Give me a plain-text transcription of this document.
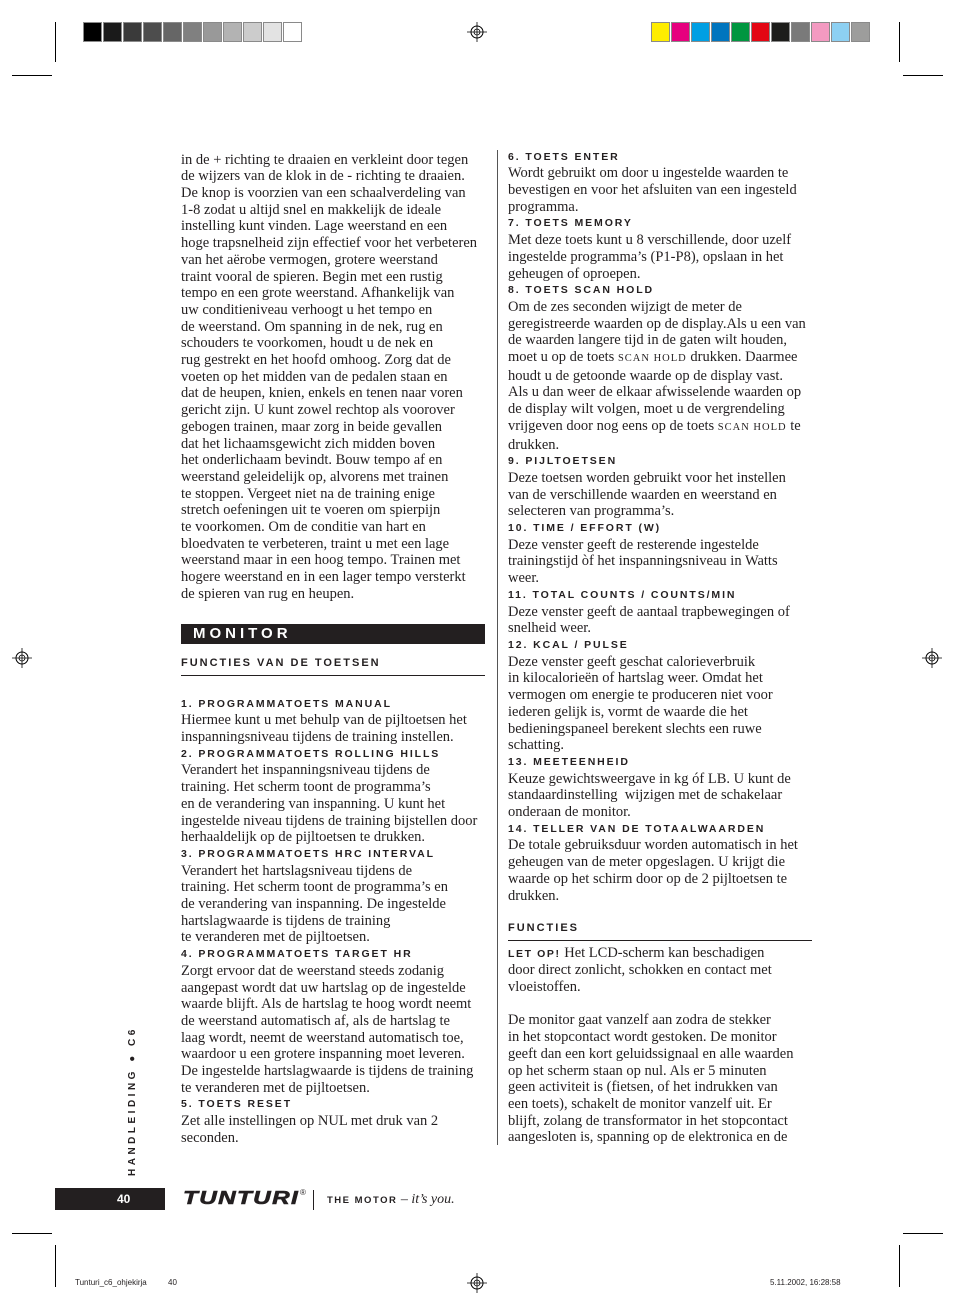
in de + richting te draaien en verkleint door tegen
de wijzers van de klok in de - richting te draaien.
De knop is voorzien van een schaalverdeling van
1-8 zodat u altijd snel en makkelijk de ideale
instelling kunt vinden. Lage weerstand en een
hoge trapsnelheid zijn effectief voor het verbeteren
van het aërobe vermogen, grotere weerstand
traint vooral de spieren. Begin met een rustig
tempo en een grote weerstand. Afhankelijk van
uw conditieniveau verhoogt u het tempo en
de weerstand. Om spanning in de nek, rug en
schouders te voorkomen, houdt u de nek en
rug gestrekt en het hoofd omhoog. Zorg dat de
voeten op het midden van de pedalen staan en
dat de heupen, knien, enkels en tenen naar voren
gericht zijn. U kunt zowel rechtop als voorover
gebogen trainen, maar zorg in beide gevallen
dat het lichaamsgewicht zich midden boven
het onderlichaam bevindt. Bouw tempo af en
weerstand geleidelijk op, alvorens met trainen
te stoppen. Vergeet niet na de training enige
stretch oefeningen uit te voeren om spierpijn
te voorkomen. Om de conditie van hart en
bloedvaten te verbeteren, traint u met een lage
weerstand maar in een hoog tempo. Trainen met
hogere weerstand en in een lager tempo versterkt
de spieren van rug en heupen.
MONITOR
FUNCTIES VAN DE TOETSEN
1. PROGRAMMATOETS MANUAL
Hiermee kunt u met behulp van de pijltoetsen het
inspanningsniveau tijdens de training instellen.
2. PROGRAMMATOETS ROLLING HILLS
Verandert het inspanningsniveau tijdens de
training. Het scherm toont de programma’s
en de verandering van inspanning. U kunt het
ingestelde niveau tijdens de training bijstellen door
herhaaldelijk op de pijltoetsen te drukken.
3. PROGRAMMATOETS HRC INTERVAL
Verandert het hartslagsniveau tijdens de
training. Het scherm toont de programma’s en
de verandering van inspanning. De ingestelde
hartslagwaarde is tijdens de training
te veranderen met de pijltoetsen.
4. PROGRAMMATOETS TARGET HR
Zorgt ervoor dat de weerstand steeds zodanig
aangepast wordt dat uw hartslag op de ingestelde
waarde blijft. Als de hartslag te hoog wordt neemt
de weerstand automatisch af, als de hartslag te
laag wordt, neemt de weerstand automatisch toe,
waardoor u een grotere inspanning moet leveren.
De ingestelde hartslagwaarde is tijdens de training
te veranderen met de pijltoetsen.
5. TOETS RESET
Zet alle instellingen op NUL met druk van 2
seconden.
6. TOETS ENTER
Wordt gebruikt om door u ingestelde waarden te
bevestigen en voor het afsluiten van een ingesteld
programma.
7. TOETS MEMORY
Met deze toets kunt u 8 verschillende, door uzelf
ingestelde programma’s (P1-P8), opslaan in het
geheugen of oproepen.
8. TOETS SCAN HOLD
Om de zes seconden wijzigt de meter de
geregistreerde waarden op de display.Als u een van
de waarden langere tijd in de gaten wilt houden,
moet u op de toets SCAN HOLD drukken. Daarmee
houdt u de getoonde waarde op de display vast.
Als u dan weer de elkaar afwisselende waarden op
de display wilt volgen, moet u de vergrendeling
vrijgeven door nog eens op de toets SCAN HOLD te
drukken.
9. PIJLTOETSEN
Deze toetsen worden gebruikt voor het instellen
van de verschillende waarden en weerstand en
selecteren van programma’s.
10. TIME / EFFORT (W)
Deze venster geeft de resterende ingestelde
trainingstijd òf het inspanningsniveau in Watts
weer.
11. TOTAL COUNTS / COUNTS/MIN
Deze venster geeft de aantaal trapbewegingen of
snelheid weer.
12. KCAL / PULSE
Deze venster geeft geschat calorieverbruik
in kilocalorieën of hartslag weer. Omdat het
vermogen om energie te produceren niet voor
iederen gelijk is, vormt de waarde die het
bedieningspaneel berekent slechts een ruwe
schatting.
13. MEETEENHEID
Keuze gewichtsweergave in kg óf LB. U kunt de
standaardinstelling  wijzigen met de schakelaar
onderaan de monitor.
14. TELLER VAN DE TOTAALWAARDEN
De totale gebruiksduur worden automatisch in het
geheugen van de meter opgeslagen. U krijgt die
waarde op het schirm door op de 2 pijltoetsen te
drukken.
FUNCTIES
LET OP! Het LCD-scherm kan beschadigen
door direct zonlicht, schokken en contact met
vloeistoffen.
De monitor gaat vanzelf aan zodra de stekker
in het stopcontact wordt gestoken. De monitor
geeft dan een kort geluidssignaal en alle waarden
op het scherm staan op nul. Als er 5 minuten
geen activiteit is (fietsen, of het indrukken van
een toets), schakelt de monitor vanzelf uit. Er
blijft, zolang de transformator in het stopcontact
aangesloten is, spanning op de elektronica en de
HANDLEIDING ● C6
40	TUNTURI ®
THE MOTOR – it’s you.
Tunturi_c6_ohjekirja	40	5.11.2002, 16:28:58
